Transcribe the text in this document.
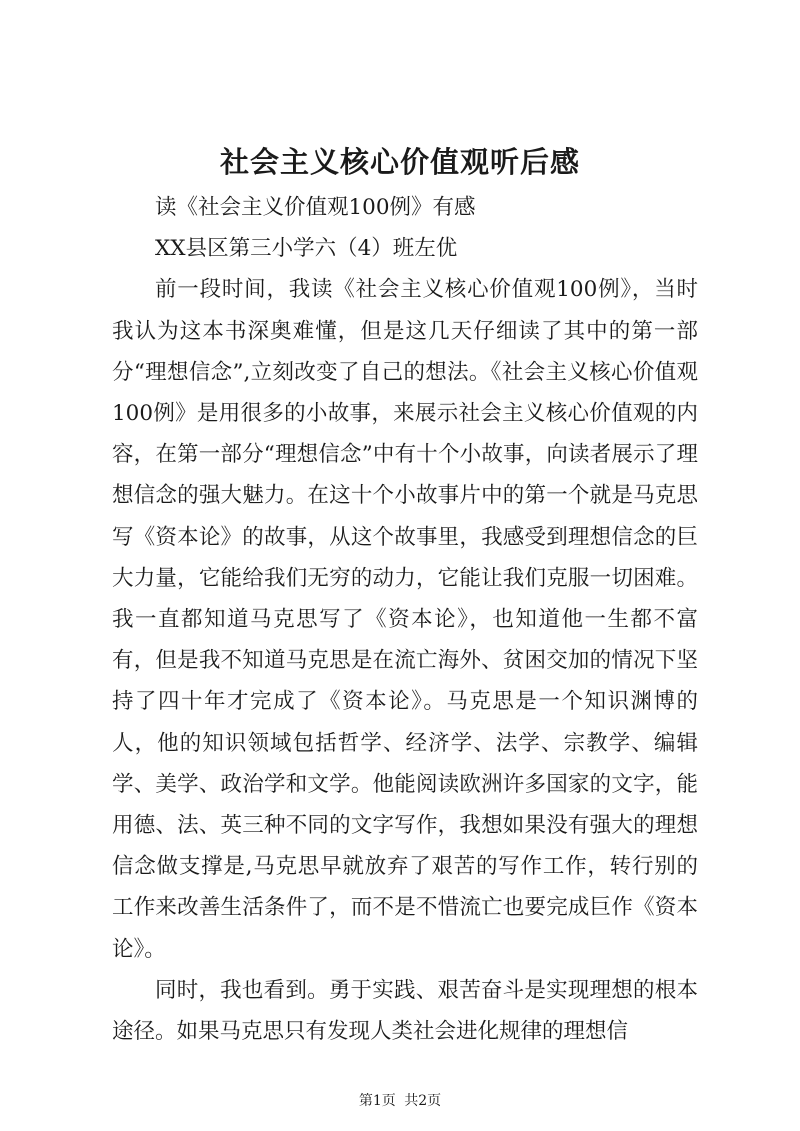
社会主义核心价值观听后感

读《社会主义价值观100例》有感

XX县区第三小学六（4）班左优

前一段时间，我读《社会主义核心价值观100例》，当时我认为这本书深奥难懂，但是这几天仔细读了其中的第一部分“理想信念”,立刻改变了自己的想法。《社会主义核心价值观100例》是用很多的小故事，来展示社会主义核心价值观的内容，在第一部分“理想信念”中有十个小故事，向读者展示了理想信念的强大魅力。在这十个小故事片中的第一个就是马克思写《资本论》的故事，从这个故事里，我感受到理想信念的巨大力量，它能给我们无穷的动力，它能让我们克服一切困难。我一直都知道马克思写了《资本论》，也知道他一生都不富有，但是我不知道马克思是在流亡海外、贫困交加的情况下坚持了四十年才完成了《资本论》。马克思是一个知识渊博的人，他的知识领域包括哲学、经济学、法学、宗教学、编辑学、美学、政治学和文学。他能阅读欧洲许多国家的文字，能用德、法、英三种不同的文字写作，我想如果没有强大的理想信念做支撑是,马克思早就放弃了艰苦的写作工作，转行别的工作来改善生活条件了，而不是不惜流亡也要完成巨作《资本论》。

同时，我也看到。勇于实践、艰苦奋斗是实现理想的根本途径。如果马克思只有发现人类社会进化规律的理想信

第1页 共2页
